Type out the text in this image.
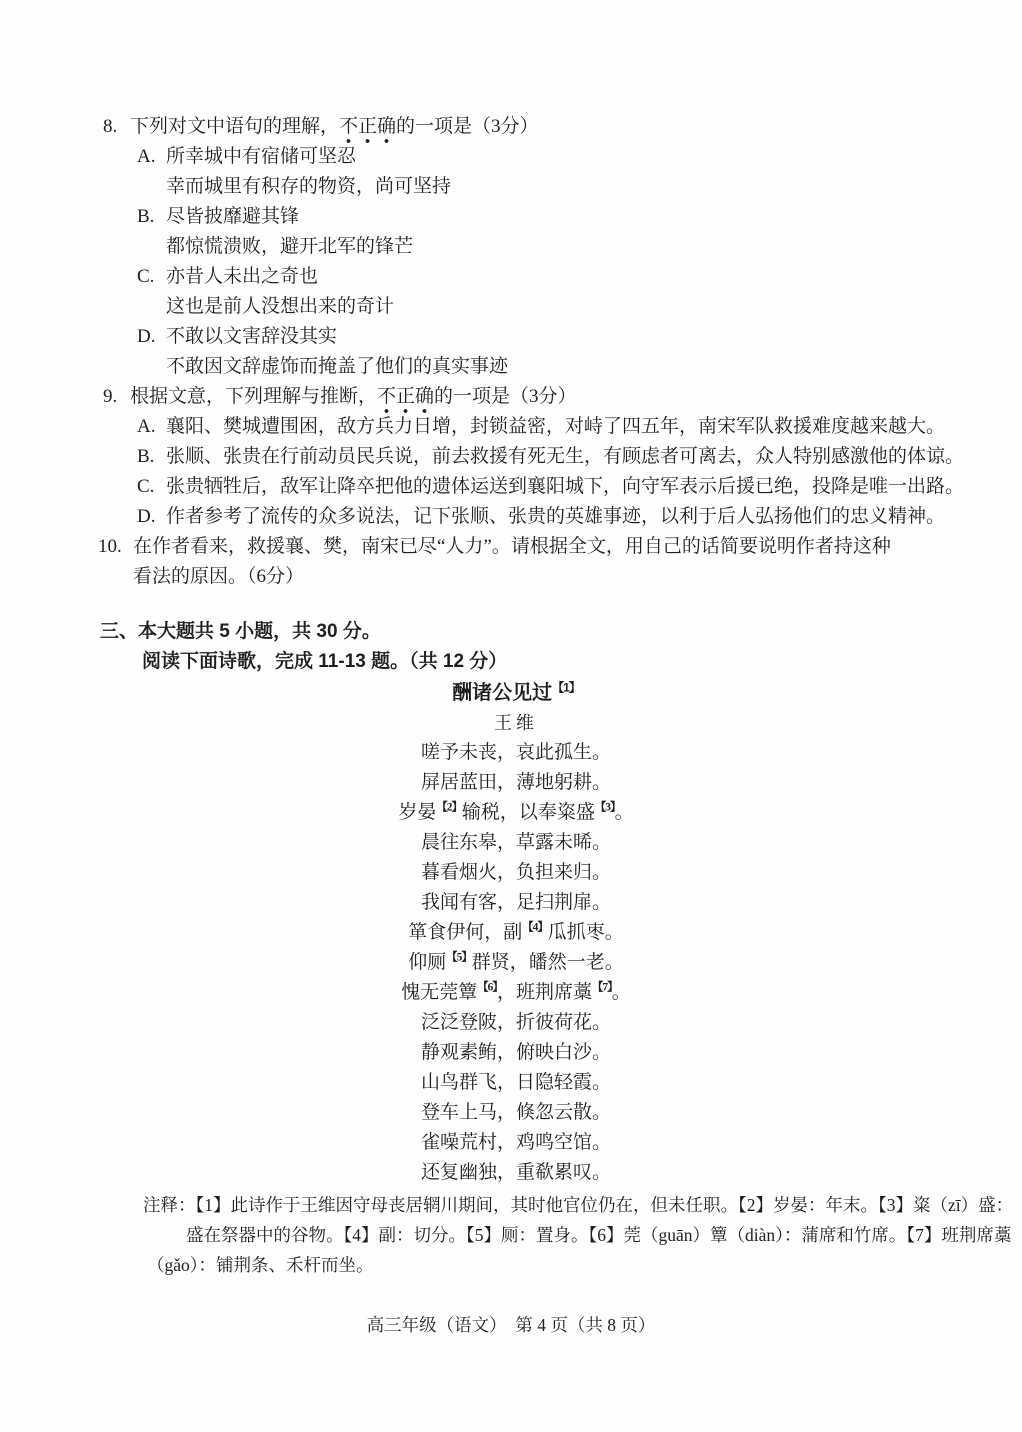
8. 下列对文中语句的理解，不正确的一项是（3分）
A. 所幸城中有宿储可坚忍
幸而城里有积存的物资，尚可坚持
B. 尽皆披靡避其锋
都惊慌溃败，避开北军的锋芒
C. 亦昔人未出之奇也
这也是前人没想出来的奇计
D. 不敢以文害辞没其实
不敢因文辞虚饰而掩盖了他们的真实事迹
9. 根据文意，下列理解与推断，不正确的一项是（3分）
A. 襄阳、樊城遭围困，敌方兵力日增，封锁益密，对峙了四五年，南宋军队救援难度越来越大。
B. 张顺、张贵在行前动员民兵说，前去救援有死无生，有顾虑者可离去，众人特别感激他的体谅。
C. 张贵牺牲后，敌军让降卒把他的遗体运送到襄阳城下，向守军表示后援已绝，投降是唯一出路。
D. 作者参考了流传的众多说法，记下张顺、张贵的英雄事迹，以利于后人弘扬他们的忠义精神。
10. 在作者看来，救援襄、樊，南宋已尽“人力”。请根据全文，用自己的话简要说明作者持这种
看法的原因。（6分）
三、本大题共 5 小题，共 30 分。
阅读下面诗歌，完成 11-13 题。（共 12 分）
酬诸公见过$^{【1】}$
王维
嗟予未丧，哀此孤生。
屏居蓝田，薄地躬耕。
岁晏$^{【2】}$输税，以奉粢盛$^{【3】}$。
晨往东皋，草露未晞。
暮看烟火，负担来归。
我闻有客，足扫荆扉。
箪食伊何，副$^{【4】}$瓜抓枣。
仰厕$^{【5】}$群贤，皤然一老。
愧无莞簟$^{【6】}$，班荆席藁$^{【7】}$。
泛泛登陂，折彼荷花。
静观素鲔，俯映白沙。
山鸟群飞，日隐轻霞。
登车上马，倏忽云散。
雀噪荒村，鸡鸣空馆。
还复幽独，重欷累叹。
注释：【1】此诗作于王维因守母丧居辋川期间，其时他官位仍在，但未任职。【2】岁晏：年末。【3】粢（zī）盛：
盛在祭器中的谷物。【4】副：切分。【5】厕：置身。【6】莞（guān）簟（diàn）：蒲席和竹席。【7】班荆席藁
（gǎo）：铺荆条、禾杆而坐。
高三年级（语文）　第 4 页（共 8 页）
